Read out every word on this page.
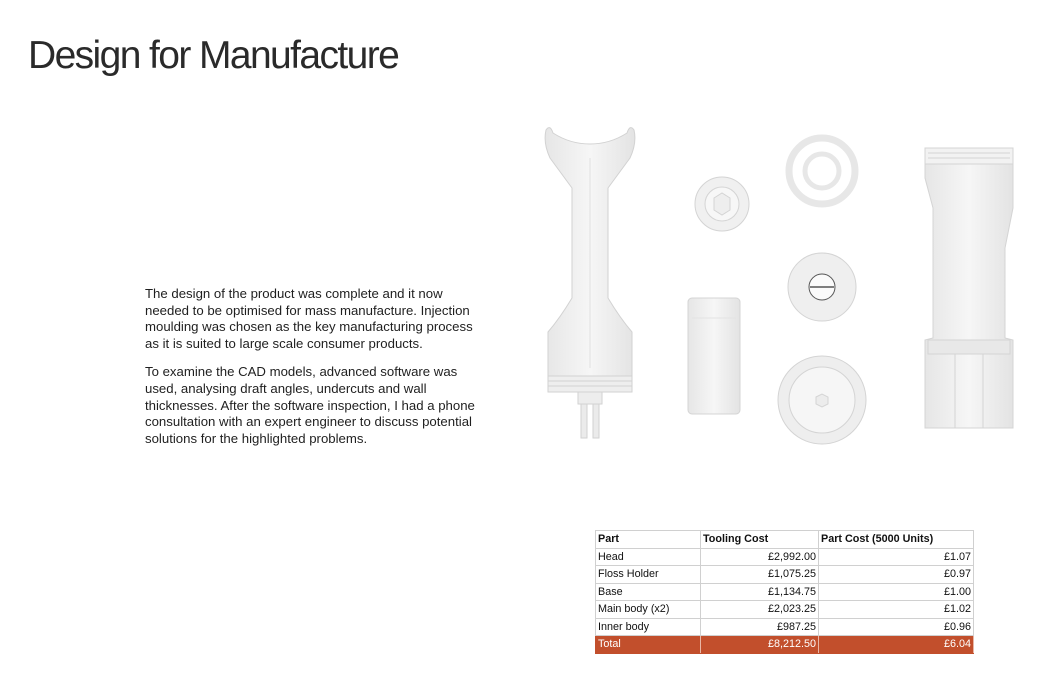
Design for Manufacture

The design of the product was complete and it now needed to be optimised for mass manufacture. Injection moulding was chosen as the key manufacturing process as it is suited to large scale consumer products.

To examine the CAD models, advanced software was used, analysing draft angles, undercuts and wall thicknesses. After the software inspection, I had a phone consultation with an expert engineer to discuss potential solutions for the highlighted problems.

Part	Tooling Cost	Part Cost (5000 Units)
Head	£2,992.00	£1.07
Floss Holder	£1,075.25	£0.97
Base	£1,134.75	£1.00
Main body (x2)	£2,023.25	£1.02
Inner body	£987.25	£0.96
Total	£8,212.50	£6.04
